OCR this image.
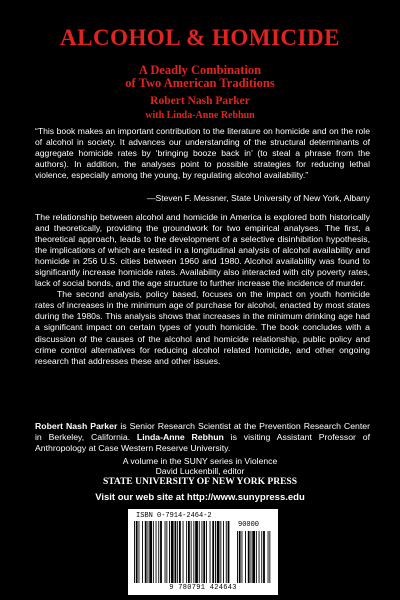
ALCOHOL & HOMICIDE
A Deadly Combination
of Two American Traditions
Robert Nash Parker
with Linda-Anne Rebhun
“This book makes an important contribution to the literature on homicide and on the role of alcohol in society. It advances our understanding of the structural determinants of aggregate homicide rates by ‘bringing booze back in’ (to steal a phrase from the authors). In addition, the analyses point to possible strategies for reducing lethal violence, especially among the young, by regulating alcohol availability.”
—Steven F. Messner, State University of New York, Albany

The relationship between alcohol and homicide in America is explored both historically and theoretically, providing the groundwork for two empirical analyses. The first, a theoretical approach, leads to the development of a selective disinhibition hypothesis, the implications of which are tested in a longitudinal analysis of alcohol availability and homicide in 256 U.S. cities between 1960 and 1980. Alcohol availability was found to significantly increase homicide rates. Availability also interacted with city poverty rates, lack of social bonds, and the age structure to further increase the incidence of murder.

The second analysis, policy based, focuses on the impact on youth homicide rates of increases in the minimum age of purchase for alcohol, enacted by most states during the 1980s. This analysis shows that increases in the minimum drinking age had a significant impact on certain types of youth homicide. The book concludes with a discussion of the causes of the alcohol and homicide relationship, public policy and crime control alternatives for reducing alcohol related homicide, and other ongoing research that addresses these and other issues.

Robert Nash Parker is Senior Research Scientist at the Prevention Research Center in Berkeley, California. Linda-Anne Rebhun is visiting Assistant Professor of Anthropology at Case Western Reserve University.
A volume in the SUNY series in Violence
David Luckenbill, editor
STATE UNIVERSITY OF NEW YORK PRESS
Visit our web site at http://www.sunypress.edu
ISBN 0-7914-2464-2
90000
9 780791 424643
